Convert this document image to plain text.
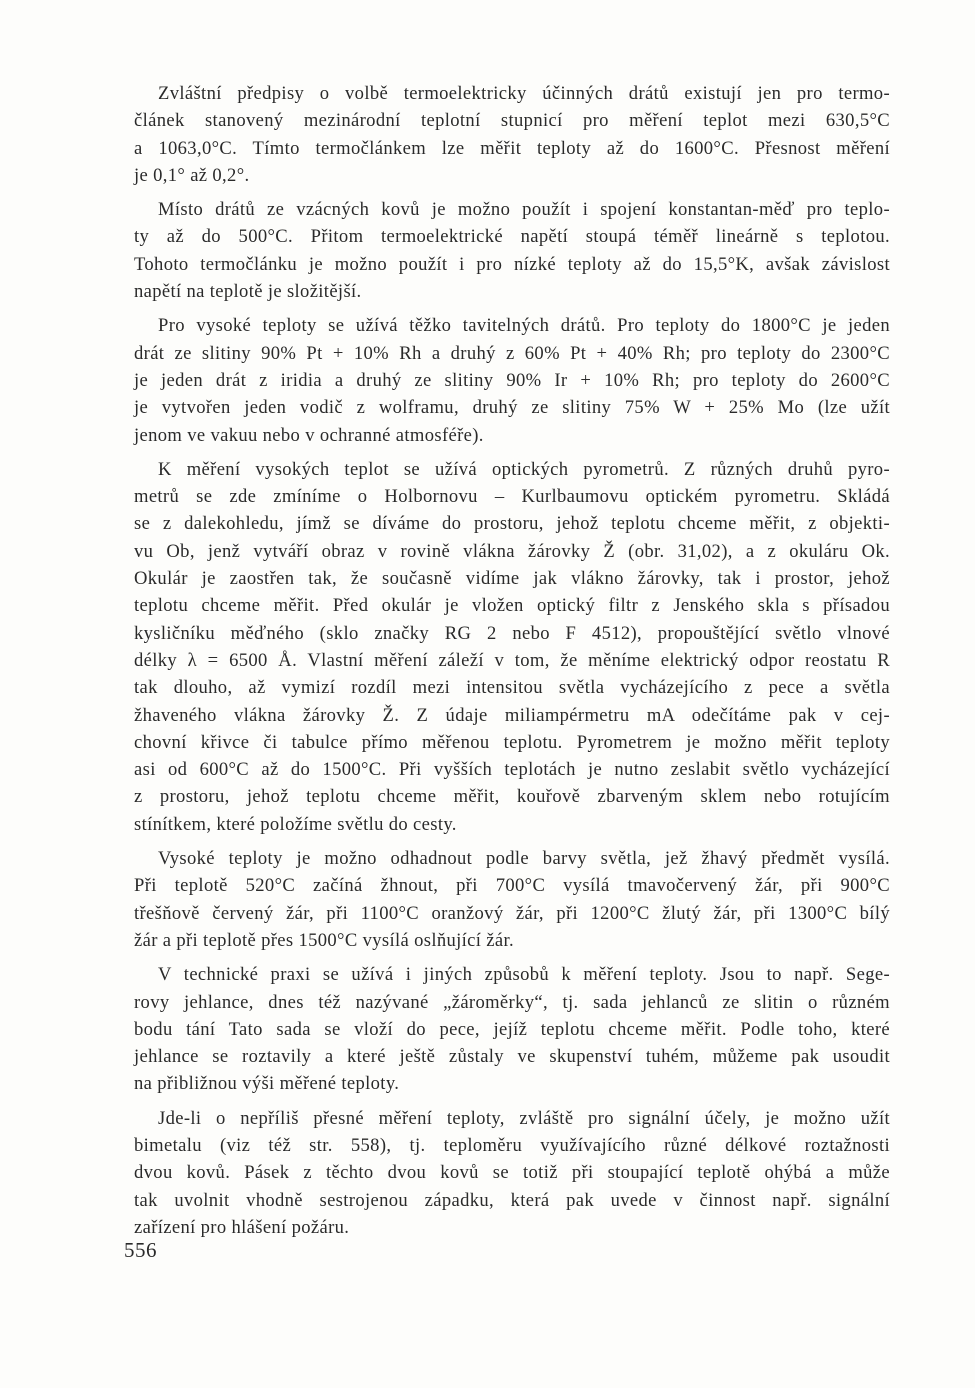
Zvláštní předpisy o volbě termoelektricky účinných drátů existují jen pro termo-
článek stanovený mezinárodní teplotní stupnicí pro měření teplot mezi 630,5°C
a 1063,0°C. Tímto termočlánkem lze měřit teploty až do 1600°C. Přesnost měření
je 0,1° až 0,2°.

Místo drátů ze vzácných kovů je možno použít i spojení konstantan-měď pro teplo-
ty až do 500°C. Přitom termoelektrické napětí stoupá téměř lineárně s teplotou.
Tohoto termočlánku je možno použít i pro nízké teploty až do 15,5°K, avšak závislost
napětí na teplotě je složitější.

Pro vysoké teploty se užívá těžko tavitelných drátů. Pro teploty do 1800°C je jeden
drát ze slitiny 90% Pt + 10% Rh a druhý z 60% Pt + 40% Rh; pro teploty do 2300°C
je jeden drát z iridia a druhý ze slitiny 90% Ir + 10% Rh; pro teploty do 2600°C
je vytvořen jeden vodič z wolframu, druhý ze slitiny 75% W + 25% Mo (lze užít
jenom ve vakuu nebo v ochranné atmosféře).

K měření vysokých teplot se užívá optických pyrometrů. Z různých druhů pyro-
metrů se zde zmíníme o Holbornovu – Kurlbaumovu optickém pyrometru. Skládá
se z dalekohledu, jímž se díváme do prostoru, jehož teplotu chceme měřit, z objekti-
vu Ob, jenž vytváří obraz v rovině vlákna žárovky Ž (obr. 31,02), a z okuláru Ok.
Okulár je zaostřen tak, že současně vidíme jak vlákno žárovky, tak i prostor, jehož
teplotu chceme měřit. Před okulár je vložen optický filtr z Jenského skla s přísadou
kysličníku měďného (sklo značky RG 2 nebo F 4512), propouštějící světlo vlnové
délky λ = 6500 Å. Vlastní měření záleží v tom, že měníme elektrický odpor reostatu R
tak dlouho, až vymizí rozdíl mezi intensitou světla vycházejícího z pece a světla
žhaveného vlákna žárovky Ž. Z údaje miliampérmetru mA odečítáme pak v cej-
chovní křivce či tabulce přímo měřenou teplotu. Pyrometrem je možno měřit teploty
asi od 600°C až do 1500°C. Při vyšších teplotách je nutno zeslabit světlo vycházející
z prostoru, jehož teplotu chceme měřit, kouřově zbarveným sklem nebo rotujícím
stínítkem, které položíme světlu do cesty.

Vysoké teploty je možno odhadnout podle barvy světla, jež žhavý předmět vysílá.
Při teplotě 520°C začíná žhnout, při 700°C vysílá tmavočervený žár, při 900°C
třešňově červený žár, při 1100°C oranžový žár, při 1200°C žlutý žár, při 1300°C bílý
žár a při teplotě přes 1500°C vysílá oslňující žár.

V technické praxi se užívá i jiných způsobů k měření teploty. Jsou to např. Sege-
rovy jehlance, dnes též nazývané „žároměrky“, tj. sada jehlanců ze slitin o různém
bodu tání Tato sada se vloží do pece, jejíž teplotu chceme měřit. Podle toho, které
jehlance se roztavily a které ještě zůstaly ve skupenství tuhém, můžeme pak usoudit
na přibližnou výši měřené teploty.

Jde-li o nepříliš přesné měření teploty, zvláště pro signální účely, je možno užít
bimetalu (viz též str. 558), tj. teploměru využívajícího různé délkové roztažnosti
dvou kovů. Pásek z těchto dvou kovů se totiž při stoupající teplotě ohýbá a může
tak uvolnit vhodně sestrojenou západku, která pak uvede v činnost např. signální
zařízení pro hlášení požáru.

556
